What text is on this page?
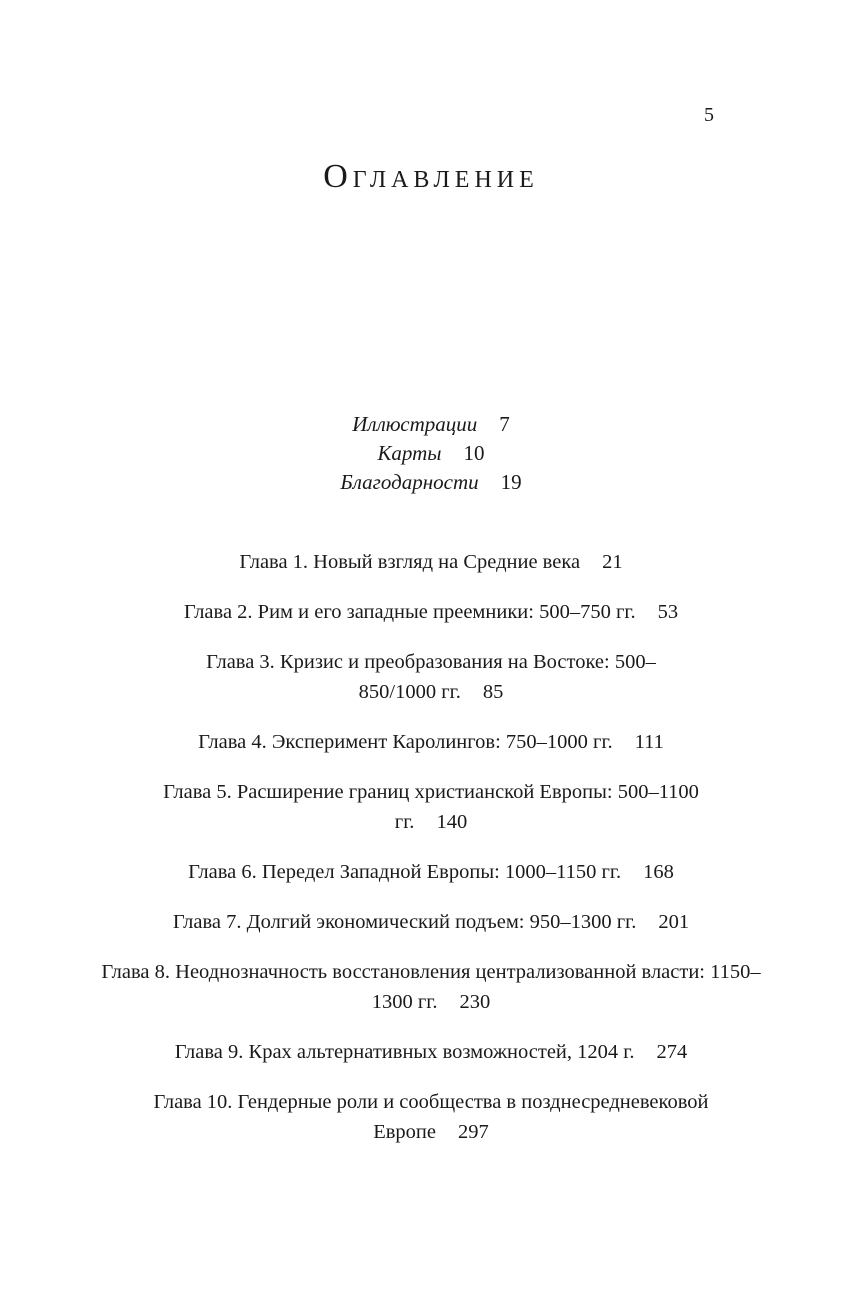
5
Оглавление
Иллюстрации 7
Карты 10
Благодарности 19
Глава 1. Новый взгляд на Средние века 21
Глава 2. Рим и его западные преемники: 500–750 гг. 53
Глава 3. Кризис и преобразования на Востоке: 500–850/1000 гг. 85
Глава 4. Эксперимент Каролингов: 750–1000 гг. 111
Глава 5. Расширение границ христианской Европы: 500–1100 гг. 140
Глава 6. Передел Западной Европы: 1000–1150 гг. 168
Глава 7. Долгий экономический подъем: 950–1300 гг. 201
Глава 8. Неоднозначность восстановления централизованной власти: 1150–1300 гг. 230
Глава 9. Крах альтернативных возможностей, 1204 г. 274
Глава 10. Гендерные роли и сообщества в позднесредневековой Европе 297
